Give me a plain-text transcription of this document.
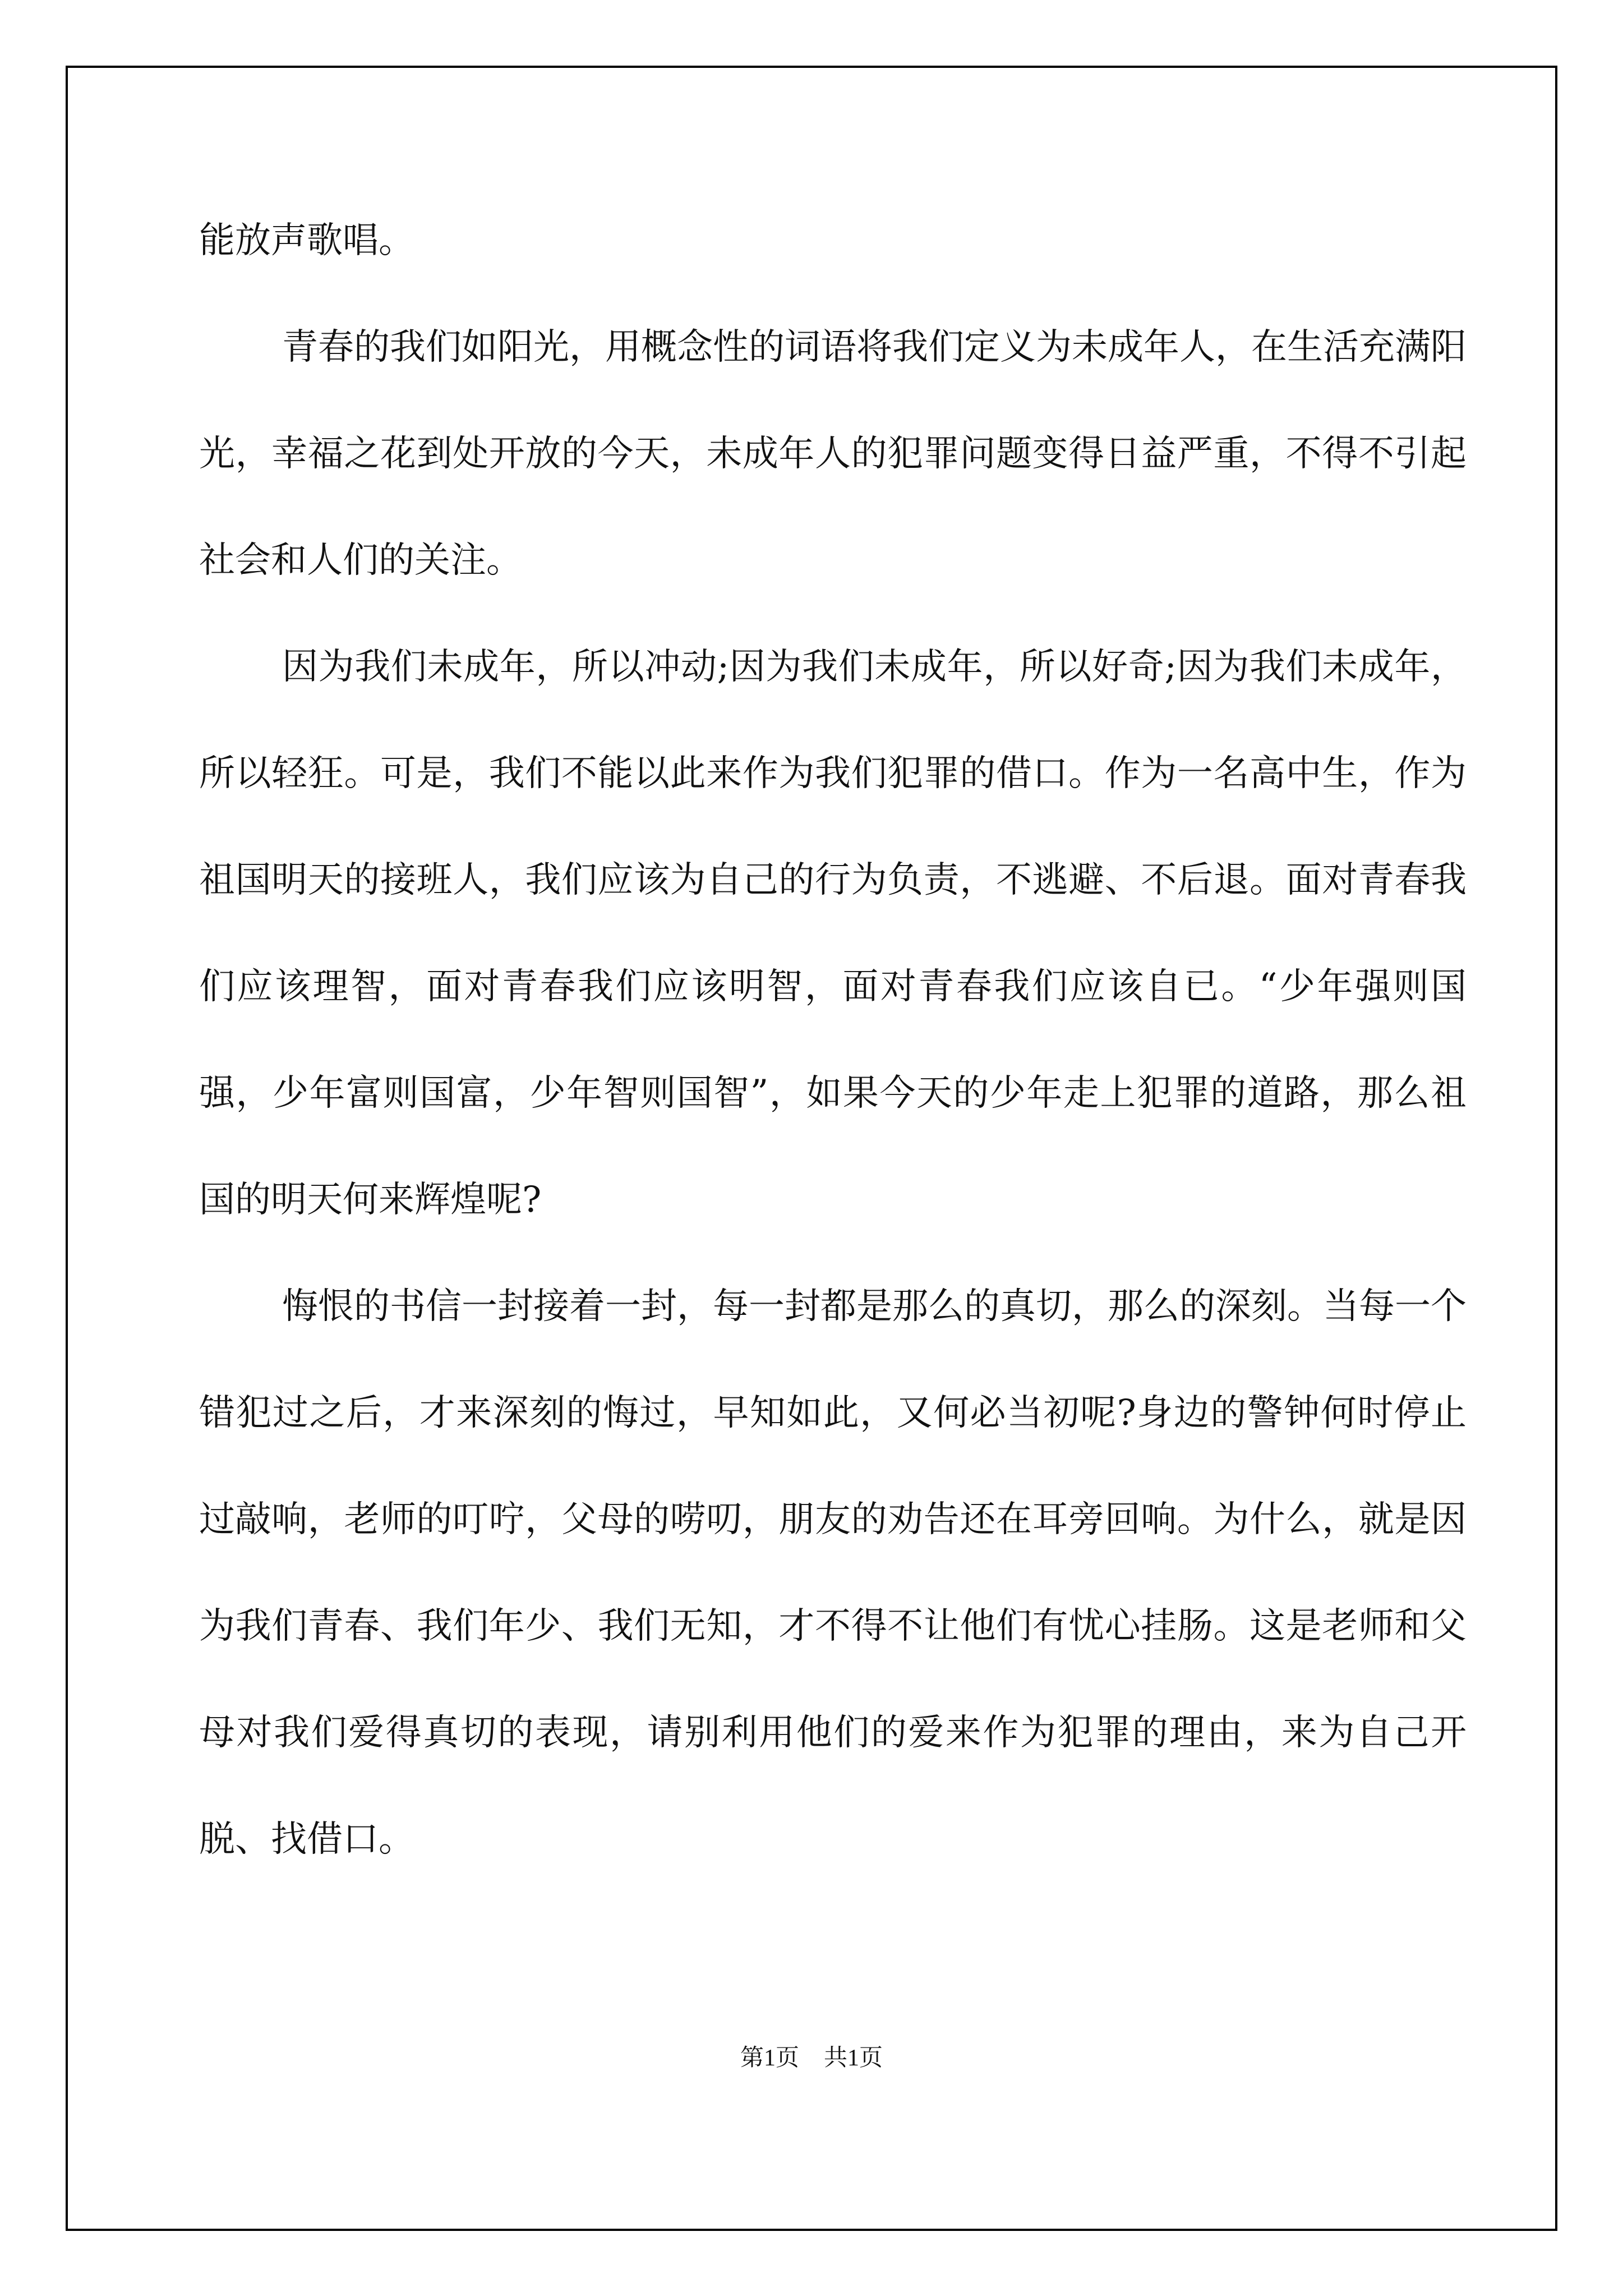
能放声歌唱。

青春的我们如阳光，用概念性的词语将我们定义为未成年人，在生活充满阳光，幸福之花到处开放的今天，未成年人的犯罪问题变得日益严重，不得不引起社会和人们的关注。

因为我们未成年，所以冲动;因为我们未成年，所以好奇;因为我们未成年，所以轻狂。可是，我们不能以此来作为我们犯罪的借口。作为一名高中生，作为祖国明天的接班人，我们应该为自己的行为负责，不逃避、不后退。面对青春我们应该理智，面对青春我们应该明智，面对青春我们应该自已。“少年强则国强，少年富则国富，少年智则国智”，如果今天的少年走上犯罪的道路，那么祖国的明天何来辉煌呢?

悔恨的书信一封接着一封，每一封都是那么的真切，那么的深刻。当每一个错犯过之后，才来深刻的悔过，早知如此，又何必当初呢?身边的警钟何时停止过敲响，老师的叮咛，父母的唠叨，朋友的劝告还在耳旁回响。为什么，就是因为我们青春、我们年少、我们无知，才不得不让他们有忧心挂肠。这是老师和父母对我们爱得真切的表现，请别利用他们的爱来作为犯罪的理由，来为自己开脱、找借口。

第1页 共1页
